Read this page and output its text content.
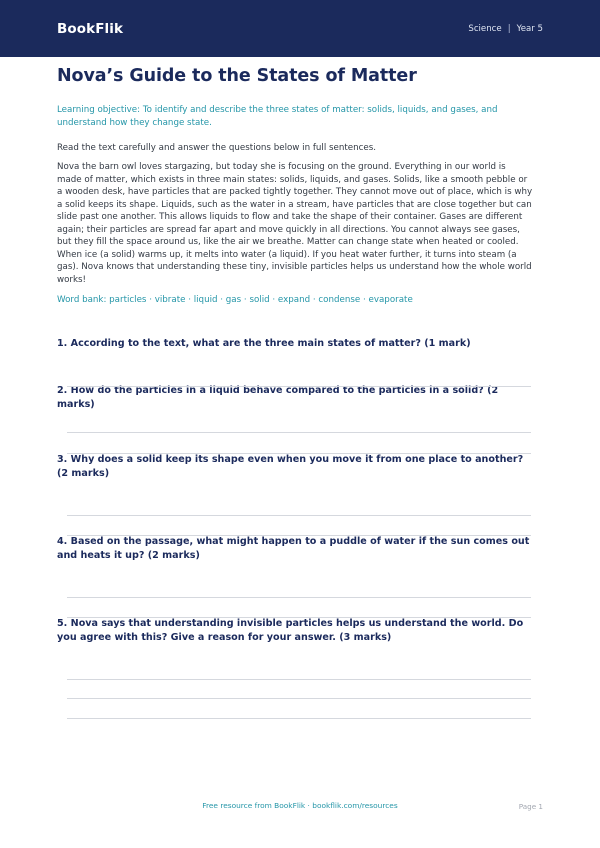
BookFlik	Science | Year 5
Nova’s Guide to the States of Matter

Learning objective: To identify and describe the three states of matter: solids, liquids, and gases, and understand how they change state.

Read the text carefully and answer the questions below in full sentences.

Nova the barn owl loves stargazing, but today she is focusing on the ground. Everything in our world is made of matter, which exists in three main states: solids, liquids, and gases. Solids, like a smooth pebble or a wooden desk, have particles that are packed tightly together. They cannot move out of place, which is why a solid keeps its shape. Liquids, such as the water in a stream, have particles that are close together but can slide past one another. This allows liquids to flow and take the shape of their container. Gases are different again; their particles are spread far apart and move quickly in all directions. You cannot always see gases, but they fill the space around us, like the air we breathe. Matter can change state when heated or cooled. When ice (a solid) warms up, it melts into water (a liquid). If you heat water further, it turns into steam (a gas). Nova knows that understanding these tiny, invisible particles helps us understand how the whole world works!

Word bank: particles · vibrate · liquid · gas · solid · expand · condense · evaporate

1. According to the text, what are the three main states of matter? (1 mark)
2. How do the particles in a liquid behave compared to the particles in a solid? (2 marks)
3. Why does a solid keep its shape even when you move it from one place to another? (2 marks)
4. Based on the passage, what might happen to a puddle of water if the sun comes out and heats it up? (2 marks)
5. Nova says that understanding invisible particles helps us understand the world. Do you agree with this? Give a reason for your answer. (3 marks)
Free resource from BookFlik · bookflik.com/resources	Page 1
